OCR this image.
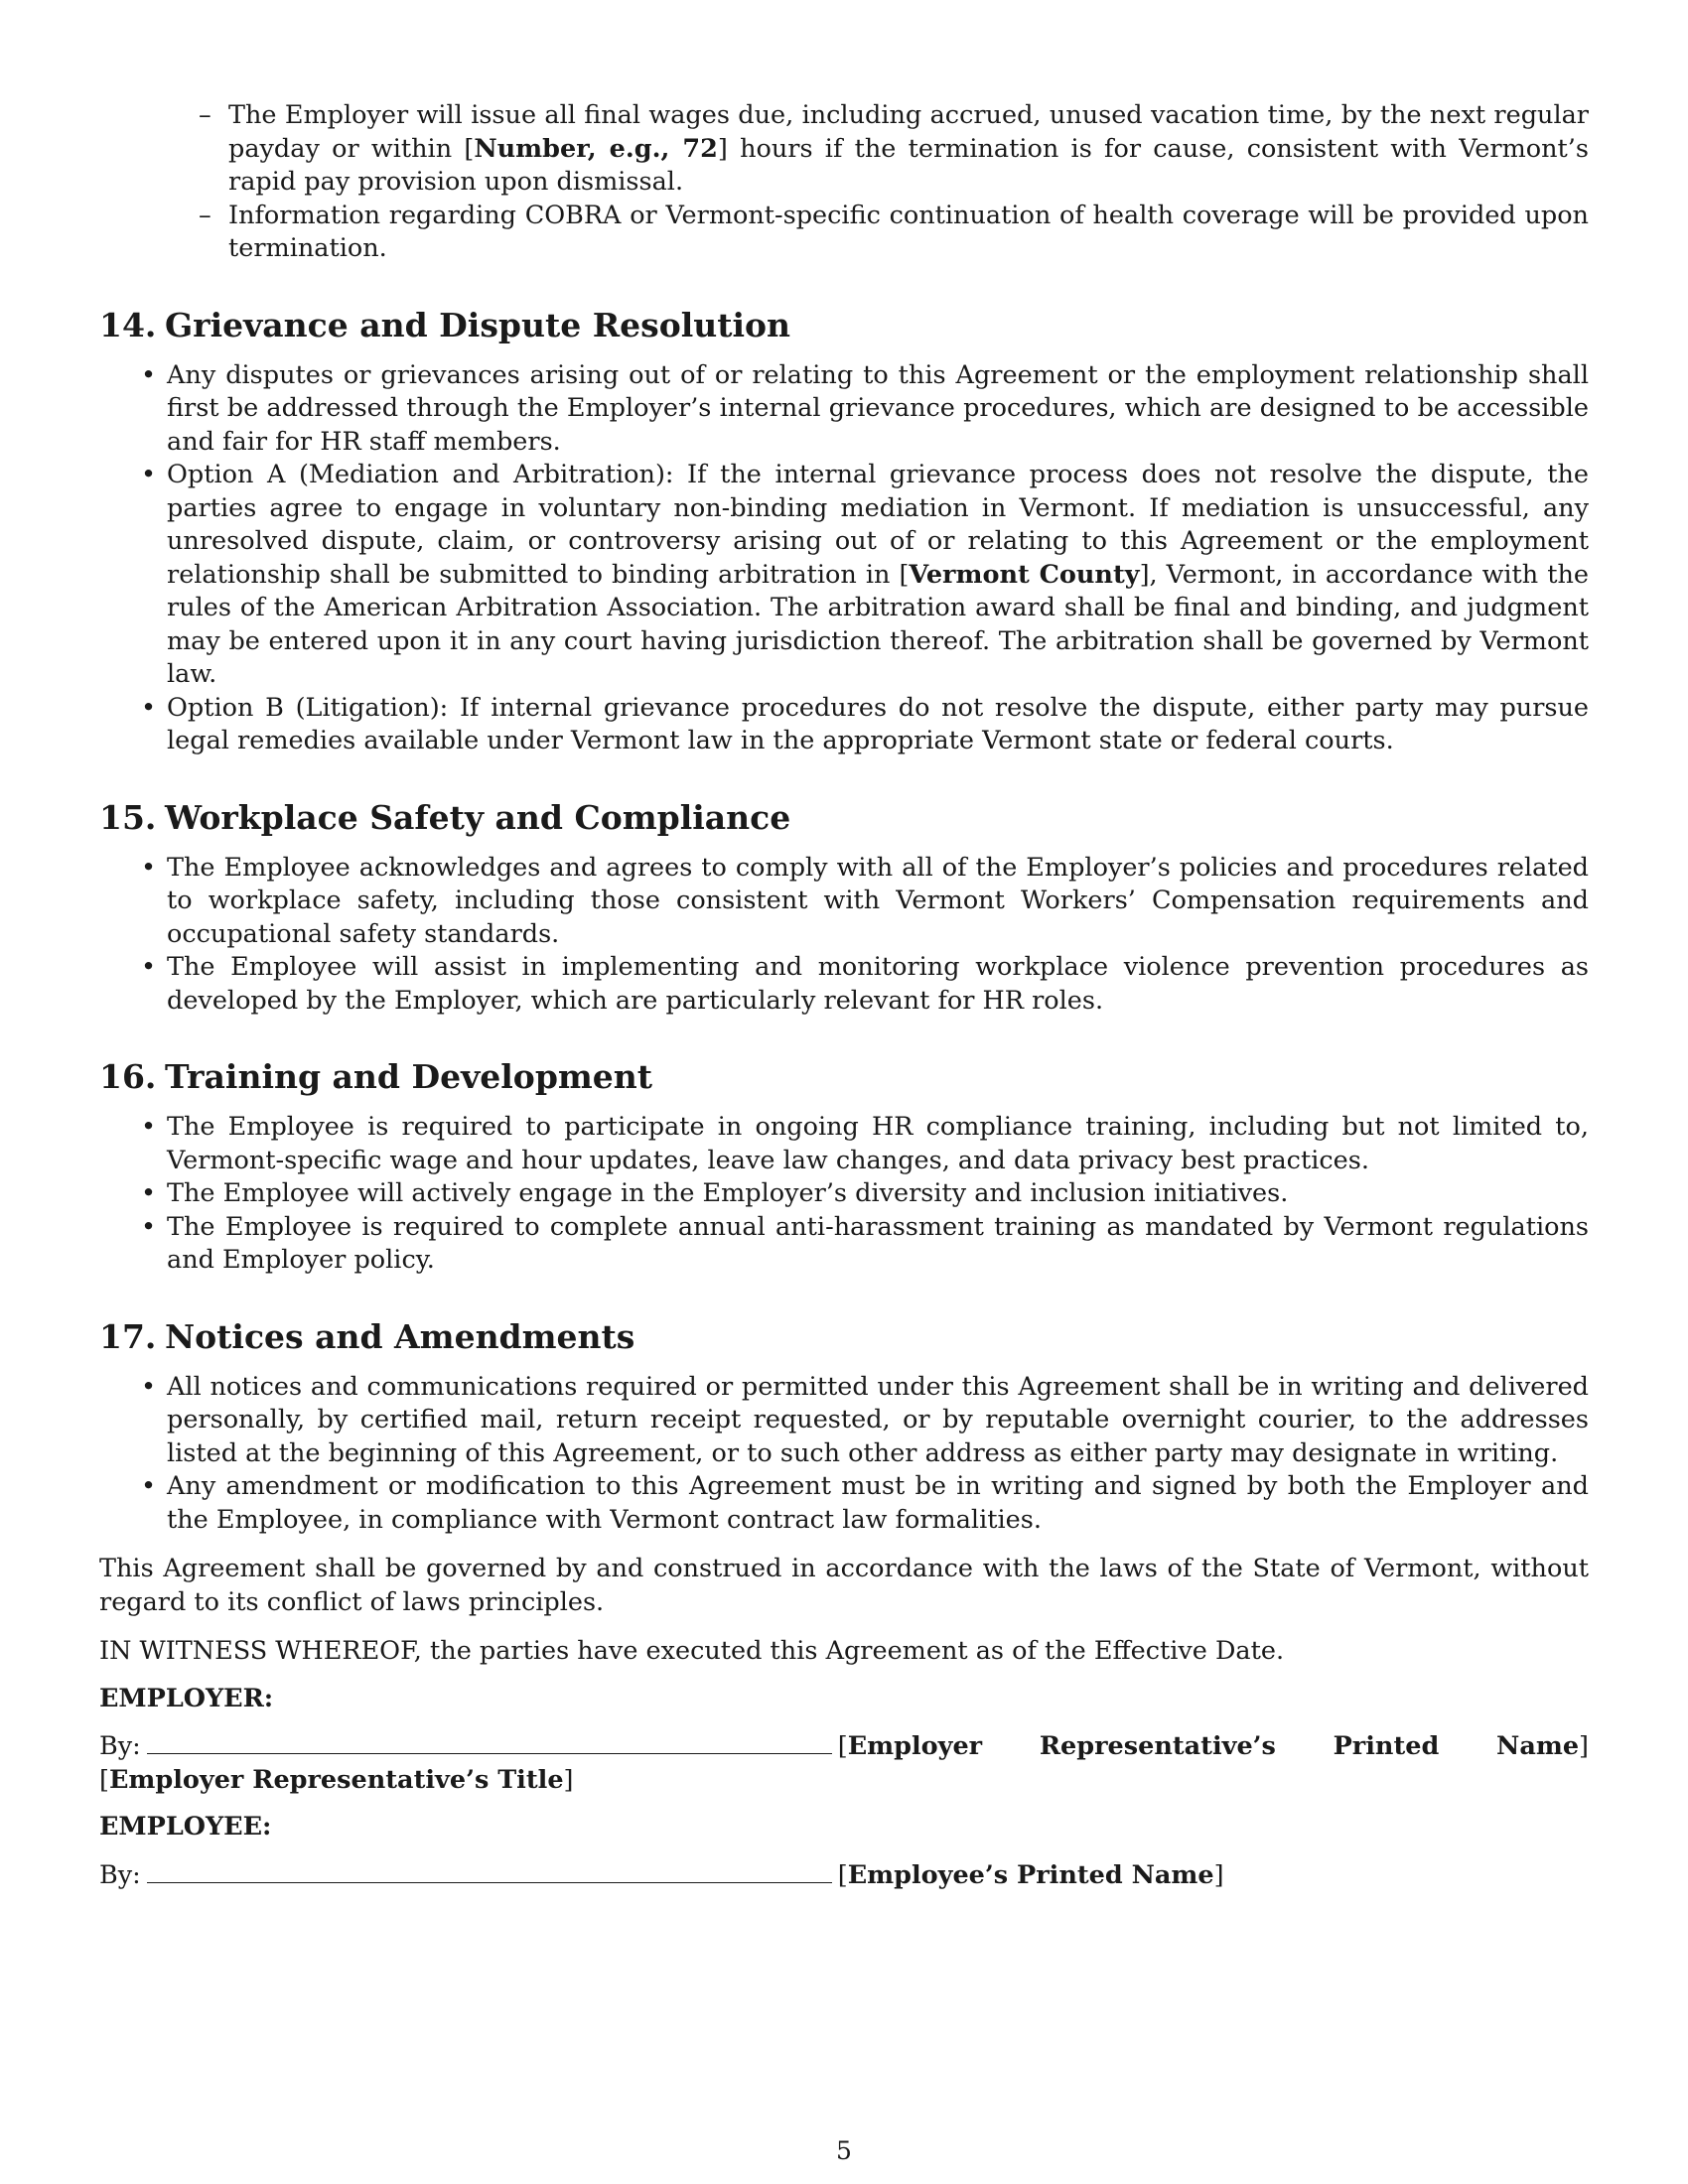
– The Employer will issue all final wages due, including accrued, unused vacation time, by the next regular payday or within [Number, e.g., 72] hours if the termination is for cause, consistent with Vermont’s rapid pay provision upon dismissal.
– Information regarding COBRA or Vermont-specific continuation of health coverage will be provided upon termination.
14. Grievance and Dispute Resolution
• Any disputes or grievances arising out of or relating to this Agreement or the employment relationship shall first be addressed through the Employer’s internal grievance procedures, which are designed to be accessible and fair for HR staff members.
• Option A (Mediation and Arbitration): If the internal grievance process does not resolve the dispute, the parties agree to engage in voluntary non-binding mediation in Vermont. If mediation is unsuccessful, any unresolved dispute, claim, or controversy arising out of or relating to this Agreement or the employment relationship shall be submitted to binding arbitration in [Vermont County], Vermont, in accordance with the rules of the American Arbitration Association. The arbitration award shall be final and binding, and judgment may be entered upon it in any court having jurisdiction thereof. The arbitration shall be governed by Vermont law.
• Option B (Litigation): If internal grievance procedures do not resolve the dispute, either party may pursue legal remedies available under Vermont law in the appropriate Vermont state or federal courts.
15. Workplace Safety and Compliance
• The Employee acknowledges and agrees to comply with all of the Employer’s policies and procedures related to workplace safety, including those consistent with Vermont Workers’ Compensation requirements and occupational safety standards.
• The Employee will assist in implementing and monitoring workplace violence prevention procedures as developed by the Employer, which are particularly relevant for HR roles.
16. Training and Development
• The Employee is required to participate in ongoing HR compliance training, including but not limited to, Vermont-specific wage and hour updates, leave law changes, and data privacy best practices.
• The Employee will actively engage in the Employer’s diversity and inclusion initiatives.
• The Employee is required to complete annual anti-harassment training as mandated by Vermont regulations and Employer policy.
17. Notices and Amendments
• All notices and communications required or permitted under this Agreement shall be in writing and delivered personally, by certified mail, return receipt requested, or by reputable overnight courier, to the addresses listed at the beginning of this Agreement, or to such other address as either party may designate in writing.
• Any amendment or modification to this Agreement must be in writing and signed by both the Employer and the Employee, in compliance with Vermont contract law formalities.

This Agreement shall be governed by and construed in accordance with the laws of the State of Vermont, without regard to its conflict of laws principles.

IN WITNESS WHEREOF, the parties have executed this Agreement as of the Effective Date.

EMPLOYER:

By:	[Employer Representative’s Printed Name] [Employer Representative’s Title]

EMPLOYEE:

By:	[Employee’s Printed Name]

5
